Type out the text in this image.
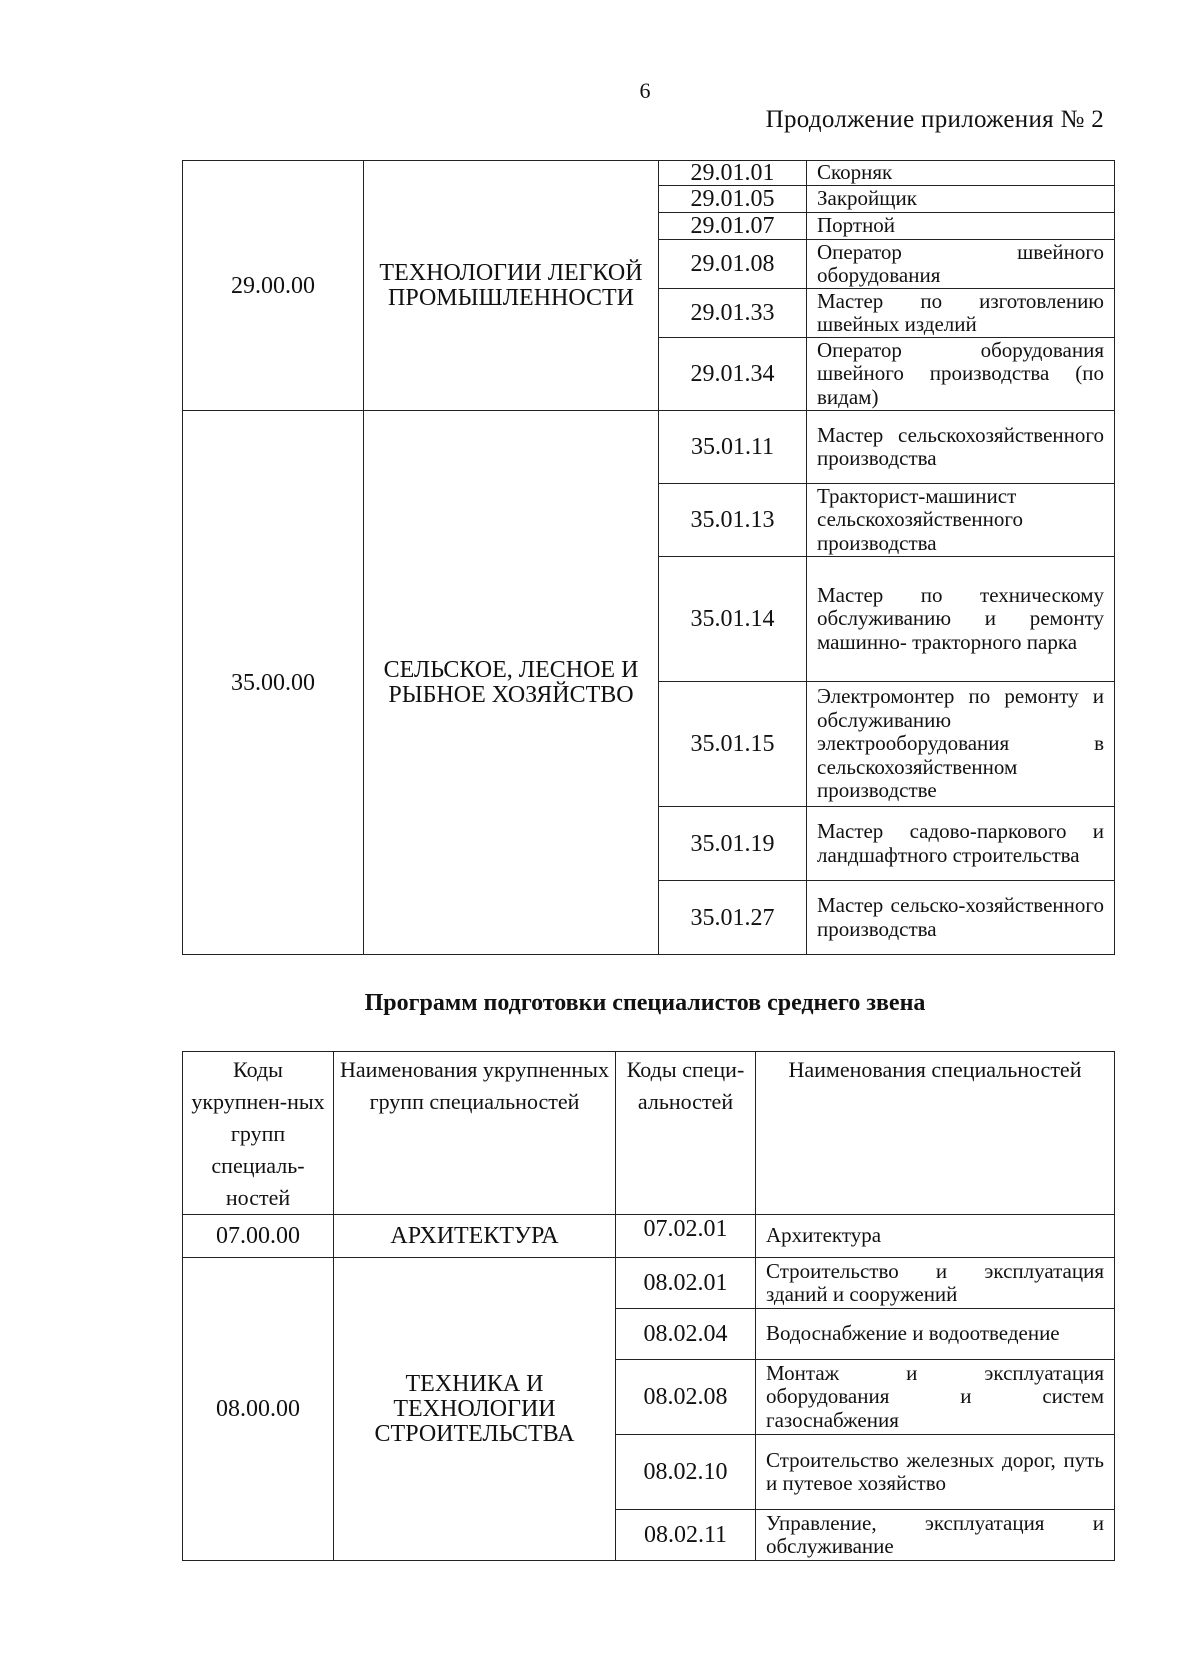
6
Продолжение приложения № 2
29.00.00	ТЕХНОЛОГИИ ЛЕГКОЙ ПРОМЫШЛЕННОСТИ	29.01.01	Скорняк
		29.01.05	Закройщик
		29.01.07	Портной
		29.01.08	Оператор швейного оборудования
		29.01.33	Мастер по изготовлению швейных изделий
		29.01.34	Оператор оборудования швейного производства (по видам)
35.00.00	СЕЛЬСКОЕ, ЛЕСНОЕ И РЫБНОЕ ХОЗЯЙСТВО	35.01.11	Мастер сельскохозяйственного производства
		35.01.13	Тракторист-машинист сельскохозяйственного производства
		35.01.14	Мастер по техническому обслуживанию и ремонту машинно- тракторного парка
		35.01.15	Электромонтер по ремонту и обслуживанию электрооборудования в сельскохозяйственном производстве
		35.01.19	Мастер садово-паркового и ландшафтного строительства
		35.01.27	Мастер сельско-хозяйственного производства
Программ подготовки специалистов среднего звена
Коды укрупнен-ных групп специаль-ностей	Наименования укрупненных групп специальностей	Коды специ-альностей	Наименования специальностей
07.00.00	АРХИТЕКТУРА	07.02.01	Архитектура
08.00.00	ТЕХНИКА И ТЕХНОЛОГИИ СТРОИТЕЛЬСТВА	08.02.01	Строительство и эксплуатация зданий и сооружений
		08.02.04	Водоснабжение и водоотведение
		08.02.08	Монтаж и эксплуатация оборудования и систем газоснабжения
		08.02.10	Строительство железных дорог, путь и путевое хозяйство
		08.02.11	Управление, эксплуатация и обслуживание
